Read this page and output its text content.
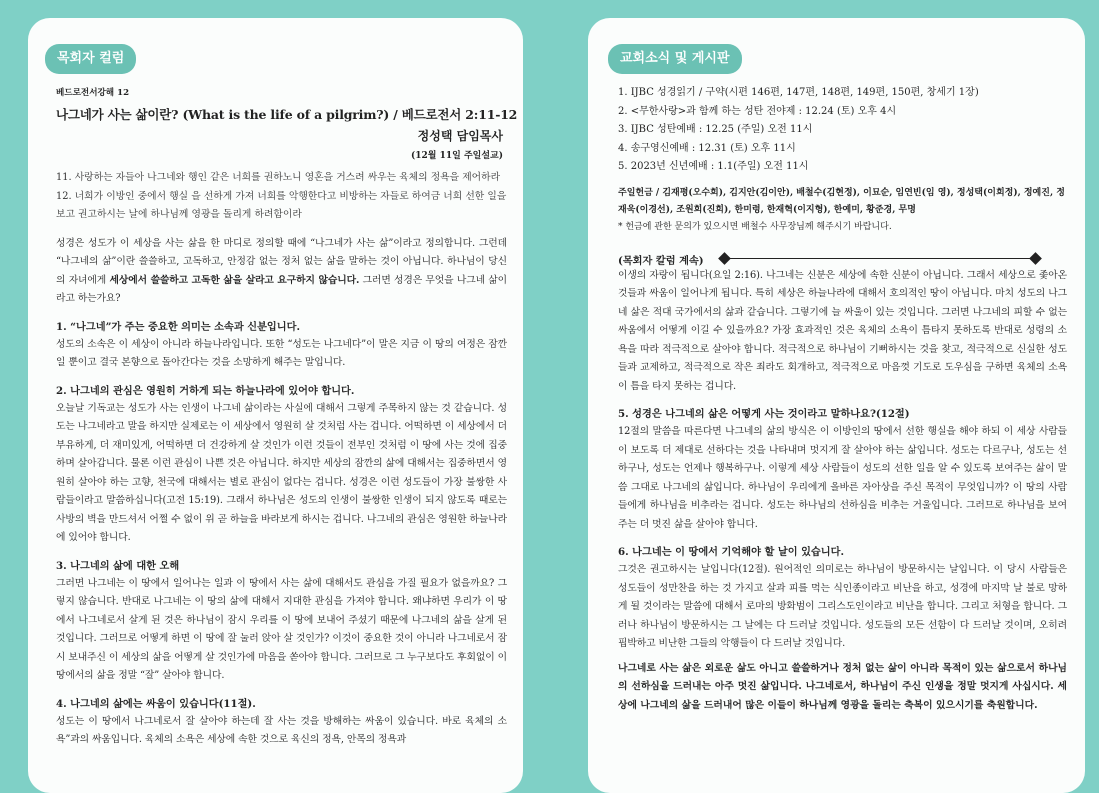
목회자 컬럼
베드로전서강해 12
나그네가 사는 삶이란? (What is the life of a pilgrim?) / 베드로전서 2:11-12
정성택 담임목사
(12월 11일 주일설교)
11. 사랑하는 자들아 나그네와 행인 같은 너희를 권하노니 영혼을 거스려 싸우는 육체의 정욕을 제어하라
12. 너희가 이방인 중에서 행실 을 선하게 가져 너희를 악행한다고 비방하는 자들로 하여금 너희 선한 일을 보고 권고하시는 날에 하나님께 영광을 돌리게 하려함이라
성경은 성도가 이 세상을 사는 삶을 한 마디로 정의할 때에 “나그네가 사는 삶”이라고 정의합니다. 그런데 “나그네의 삶”이란 쓸쓸하고, 고독하고, 안정감 없는 정처 없는 삶을 말하는 것이 아닙니다. 하나님이 당신의 자녀에게 세상에서 쓸쓸하고 고독한 삶을 살라고 요구하지 않습니다. 그러면 성경은 무엇을 나그네 삶이라고 하는가요?
1. “나그네”가 주는 중요한 의미는 소속과 신분입니다.
성도의 소속은 이 세상이 아니라 하늘나라입니다. 또한 “성도는 나그네다”이 말은 지금 이 땅의 여정은 잠깐일 뿐이고 결국 본향으로 돌아간다는 것을 소망하게 해주는 말입니다.
2. 나그네의 관심은 영원히 거하게 되는 하늘나라에 있어야 합니다.
오늘날 기독교는 성도가 사는 인생이 나그네 삶이라는 사실에 대해서 그렇게 주목하지 않는 것 같습니다. 성도는 나그네라고 말을 하지만 실제로는 이 세상에서 영원히 살 것처럼 사는 겁니다. 어떡하면 이 세상에서 더 부유하게, 더 재미있게, 어떡하면 더 건강하게 살 것인가 이런 것들이 전부인 것처럼 이 땅에 사는 것에 집중하며 살아갑니다. 물론 이런 관심이 나쁜 것은 아닙니다. 하지만 세상의 잠깐의 삶에 대해서는 집중하면서 영원히 살아야 하는 고향, 천국에 대해서는 별로 관심이 없다는 겁니다. 성경은 이런 성도들이 가장 불쌍한 사람들이라고 말씀하십니다(고전 15:19). 그래서 하나님은 성도의 인생이 불쌍한 인생이 되지 않도록 때로는 사방의 벽을 만드셔서 어쩔 수 없이 위 곧 하늘을 바라보게 하시는 겁니다. 나그네의 관심은 영원한 하늘나라에 있어야 합니다.
3. 나그네의 삶에 대한 오해
그러면 나그네는 이 땅에서 일어나는 일과 이 땅에서 사는 삶에 대해서도 관심을 가질 필요가 없을까요? 그렇지 않습니다. 반대로 나그네는 이 땅의 삶에 대해서 지대한 관심을 가져야 합니다. 왜냐하면 우리가 이 땅에서 나그네로서 살게 된 것은 하나님이 잠시 우리를 이 땅에 보내어 주셨기 때문에 나그네의 삶을 살게 된 것입니다. 그러므로 어떻게 하면 이 땅에 잘 눌러 앉아 살 것인가? 이것이 중요한 것이 아니라 나그네로서 잠시 보내주신 이 세상의 삶을 어떻게 살 것인가에 마음을 쏟아야 합니다. 그러므로 그 누구보다도 후회없이 이 땅에서의 삶을 정말 “잘” 살아야 합니다.
4. 나그네의 삶에는 싸움이 있습니다(11절).
성도는 이 땅에서 나그네로서 잘 살아야 하는데 잘 사는 것을 방해하는 싸움이 있습니다. 바로 육체의 소욕”과의 싸움입니다. 육체의 소욕은 세상에 속한 것으로 육신의 정욕, 안목의 정욕과
교회소식 및 게시판
1. IJBC 성경읽기 / 구약(시편 146편, 147편, 148편, 149편, 150편, 창세기 1장)
2. <무한사랑>과 함께 하는 성탄 전야제 : 12.24 (토) 오후 4시
3. IJBC 성탄예배 : 12.25 (주일) 오전 11시
4. 송구영신예배 : 12.31 (토) 오후 11시
5. 2023년 신년예배 : 1.1(주일) 오전 11시
주일헌금 / 김재평(오수희), 김지안(김이안), 배철수(김현정), 이묘순, 임연빈(임 영), 정성택(이희정), 정예진, 정재욱(이경선), 조원희(진희), 한미령, 한재혁(이지형), 한예미, 황준경, 무명
* 헌금에 관한 문의가 있으시면 배철수 사무장님께 해주시기 바랍니다.
(목회자 칼럼 계속)
이생의 자랑이 됩니다(요일 2:16). 나그네는 신분은 세상에 속한 신분이 아닙니다. 그래서 세상으로 좇아온 것들과 싸움이 일어나게 됩니다. 특히 세상은 하늘나라에 대해서 호의적인 땅이 아닙니다. 마치 성도의 나그네 삶은 적대 국가에서의 삶과 같습니다. 그렇기에 늘 싸울이 있는 것입니다. 그러면 나그네의 피할 수 없는 싸움에서 어떻게 이길 수 있을까요? 가장 효과적인 것은 육체의 소욕이 틈타지 못하도록 반대로 성령의 소욕을 따라 적극적으로 살아야 합니다. 적극적으로 하나님이 기뻐하시는 것을 찾고, 적극적으로 신실한 성도들과 교제하고, 적극적으로 작은 죄라도 회개하고, 적극적으로 마음껏 기도로 도우심을 구하면 육체의 소욕이 틈을 타지 못하는 겁니다.
5. 성경은 나그네의 삶은 어떻게 사는 것이라고 말하나요?(12절)
12절의 말씀을 따른다면 나그네의 삶의 방식은 이 이방인의 땅에서 선한 행실을 해야 하되 이 세상 사람들이 보도록 더 제대로 선하다는 것을 나타내며 멋지게 잘 살아야 하는 삶입니다. 성도는 다르구나, 성도는 선하구나, 성도는 언제나 행복하구나. 이렇게 세상 사람들이 성도의 선한 일을 알 수 있도록 보여주는 삶이 말씀 그대로 나그네의 삶입니다. 하나님이 우리에게 올바른 자아상을 주신 목적이 무엇입니까? 이 땅의 사람들에게 하나님을 비추라는 겁니다. 성도는 하나님의 선하심을 비추는 거울입니다. 그러므로 하나님을 보여주는 더 멋진 삶을 살아야 합니다.
6. 나그네는 이 땅에서 기억해야 할 날이 있습니다.
그것은 권고하시는 날입니다(12절). 원어적인 의미로는 하나님이 방문하시는 날입니다. 이 당시 사람들은 성도들이 성만찬을 하는 것 가지고 살과 피를 먹는 식인종이라고 비난을 하고, 성경에 마지막 날 불로 망하게 될 것이라는 말씀에 대해서 로마의 방화범이 그리스도인이라고 비난을 합니다. 그리고 처형을 합니다. 그러나 하나님이 방문하시는 그 날에는 다 드러날 것입니다. 성도들의 모든 선함이 다 드러날 것이며, 오히려 핍박하고 비난한 그들의 악행들이 다 드러날 것입니다.
나그네로 사는 삶은 외로운 삶도 아니고 쓸쓸하거나 정처 없는 삶이 아니라 목적이 있는 삶으로서 하나님의 선하심을 드러내는 아주 멋진 삶입니다. 나그네로서, 하나님이 주신 인생을 정말 멋지게 사십시다. 세상에 나그네의 삶을 드러내어 많은 이들이 하나님께 영광을 돌리는 축복이 있으시기를 축원합니다.
